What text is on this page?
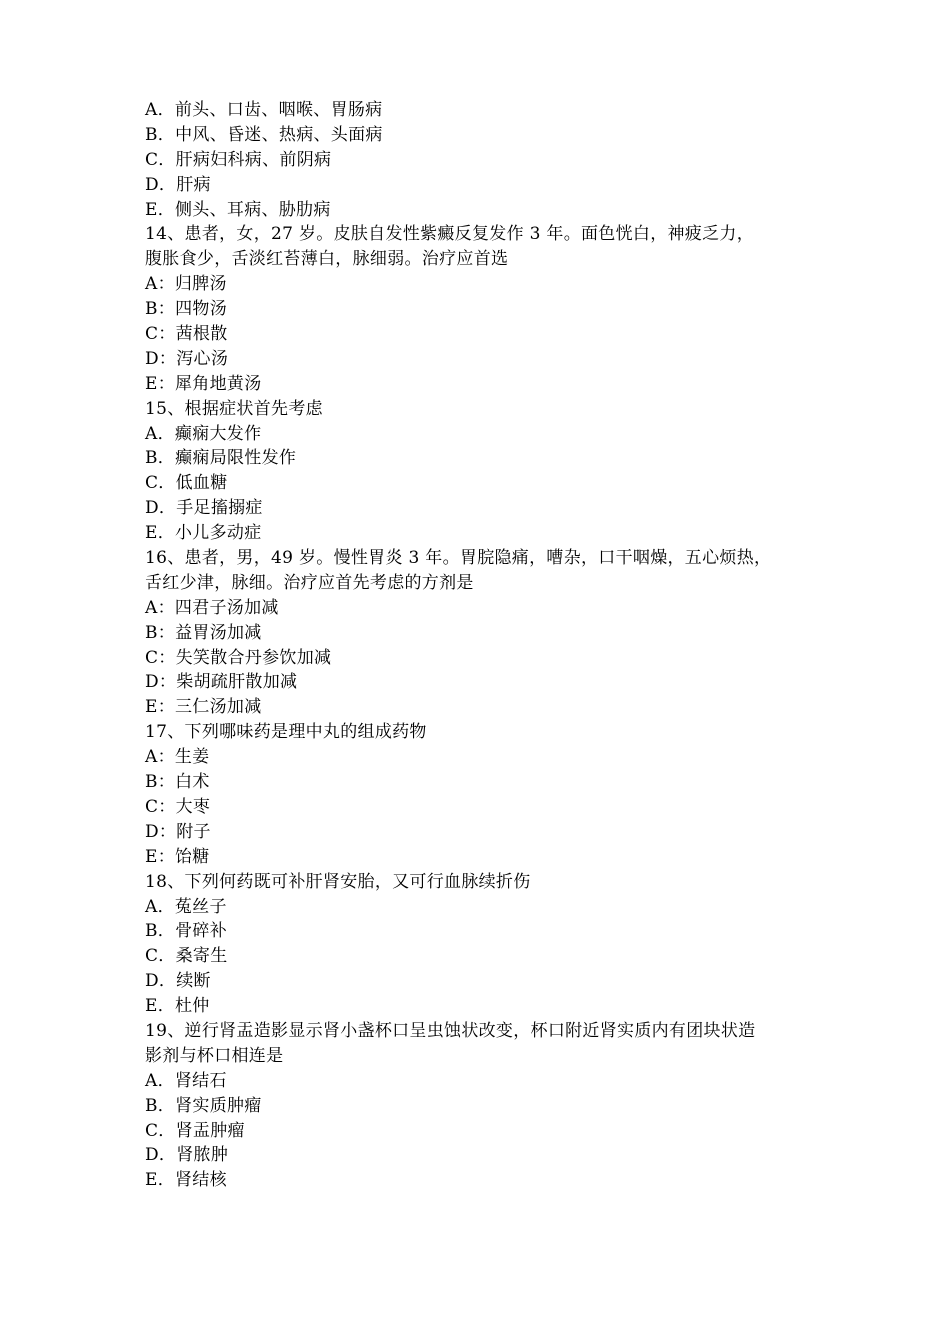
A．前头、口齿、咽喉、胃肠病
B．中风、昏迷、热病、头面病
C．肝病妇科病、前阴病
D．肝病
E．侧头、耳病、胁肋病
14、患者，女，27 岁。皮肤自发性紫癜反复发作 3 年。面色恍白，神疲乏力，
腹胀食少，舌淡红苔薄白，脉细弱。治疗应首选
A：归脾汤
B：四物汤
C：茜根散
D：泻心汤
E：犀角地黄汤
15、根据症状首先考虑
A．癫痫大发作
B．癫痫局限性发作
C．低血糖
D．手足搐搦症
E．小儿多动症
16、患者，男，49 岁。慢性胃炎 3 年。胃脘隐痛，嘈杂，口干咽燥，五心烦热，
舌红少津，脉细。治疗应首先考虑的方剂是
A：四君子汤加减
B：益胃汤加减
C：失笑散合丹参饮加减
D：柴胡疏肝散加减
E：三仁汤加减
17、下列哪味药是理中丸的组成药物
A：生姜
B：白术
C：大枣
D：附子
E：饴糖
18、下列何药既可补肝肾安胎，又可行血脉续折伤
A．菟丝子
B．骨碎补
C．桑寄生
D．续断
E．杜仲
19、逆行肾盂造影显示肾小盏杯口呈虫蚀状改变，杯口附近肾实质内有团块状造
影剂与杯口相连是
A．肾结石
B．肾实质肿瘤
C．肾盂肿瘤
D．肾脓肿
E．肾结核
